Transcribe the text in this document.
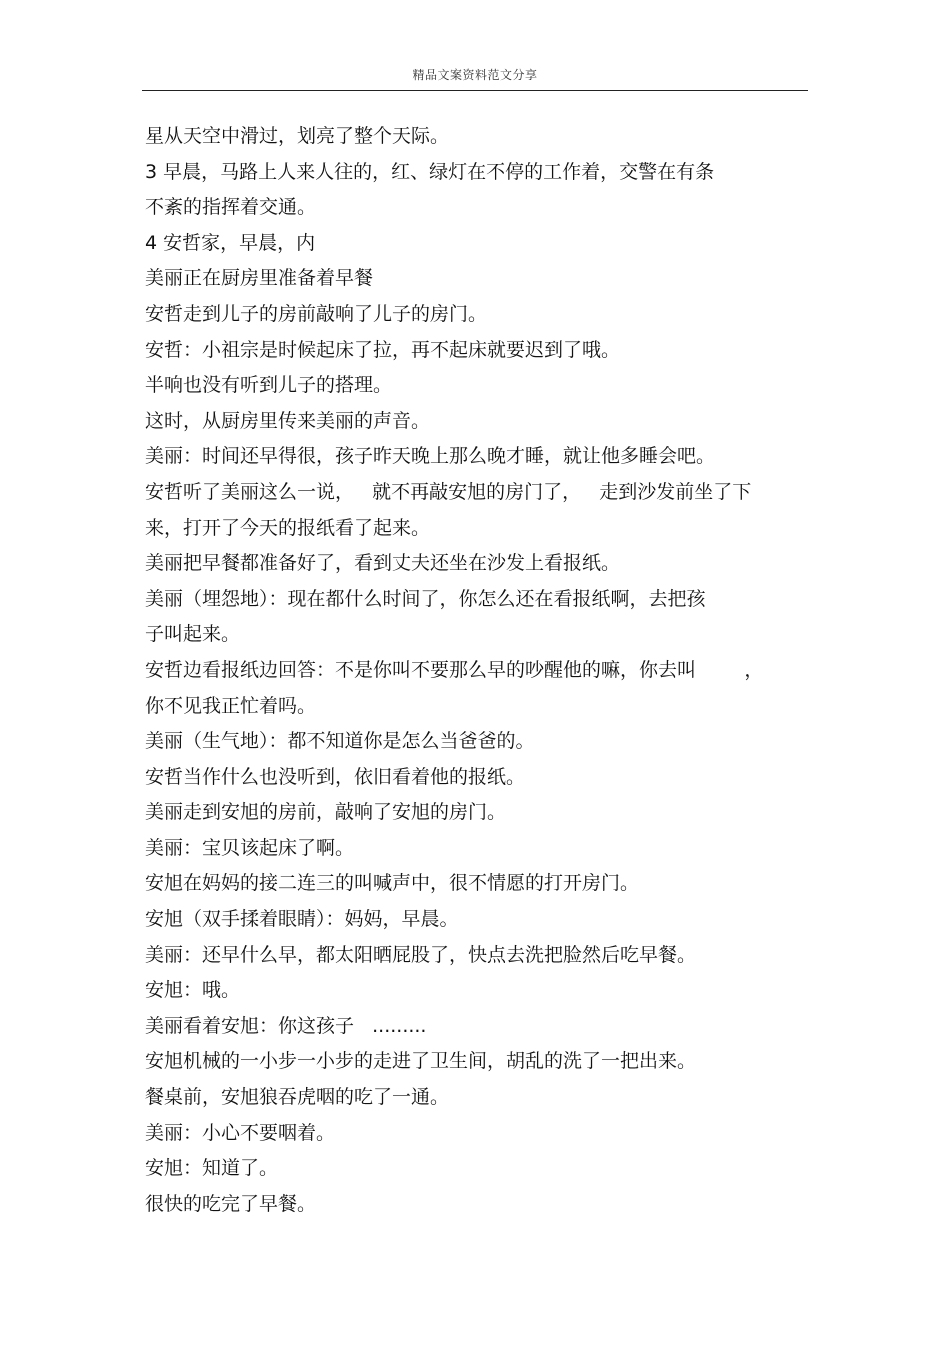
精品文案资料范文分享
星从天空中滑过，划亮了整个天际。
3 早晨，马路上人来人往的，红、绿灯在不停的工作着，交警在有条
不紊的指挥着交通。
4 安哲家，早晨，内
美丽正在厨房里准备着早餐
安哲走到儿子的房前敲响了儿子的房门。
安哲：小祖宗是时候起床了拉，再不起床就要迟到了哦。
半响也没有听到儿子的搭理。
这时，从厨房里传来美丽的声音。
美丽：时间还早得很，孩子昨天晚上那么晚才睡，就让他多睡会吧。
安哲听了美丽这么一说，   就不再敲安旭的房门了，   走到沙发前坐了下
来，打开了今天的报纸看了起来。
美丽把早餐都准备好了，看到丈夫还坐在沙发上看报纸。
美丽（埋怨地）：现在都什么时间了，你怎么还在看报纸啊，去把孩
子叫起来。
安哲边看报纸边回答：不是你叫不要那么早的吵醒他的嘛，你去叫        ，
你不见我正忙着吗。
美丽（生气地）：都不知道你是怎么当爸爸的。
安哲当作什么也没听到，依旧看着他的报纸。
美丽走到安旭的房前，敲响了安旭的房门。
美丽：宝贝该起床了啊。
安旭在妈妈的接二连三的叫喊声中，很不情愿的打开房门。
安旭（双手揉着眼睛）：妈妈，早晨。
美丽：还早什么早，都太阳晒屁股了，快点去洗把脸然后吃早餐。
安旭：哦。
美丽看着安旭：你这孩子   .........
安旭机械的一小步一小步的走进了卫生间，胡乱的洗了一把出来。
餐桌前，安旭狼吞虎咽的吃了一通。
美丽：小心不要咽着。
安旭：知道了。
很快的吃完了早餐。
